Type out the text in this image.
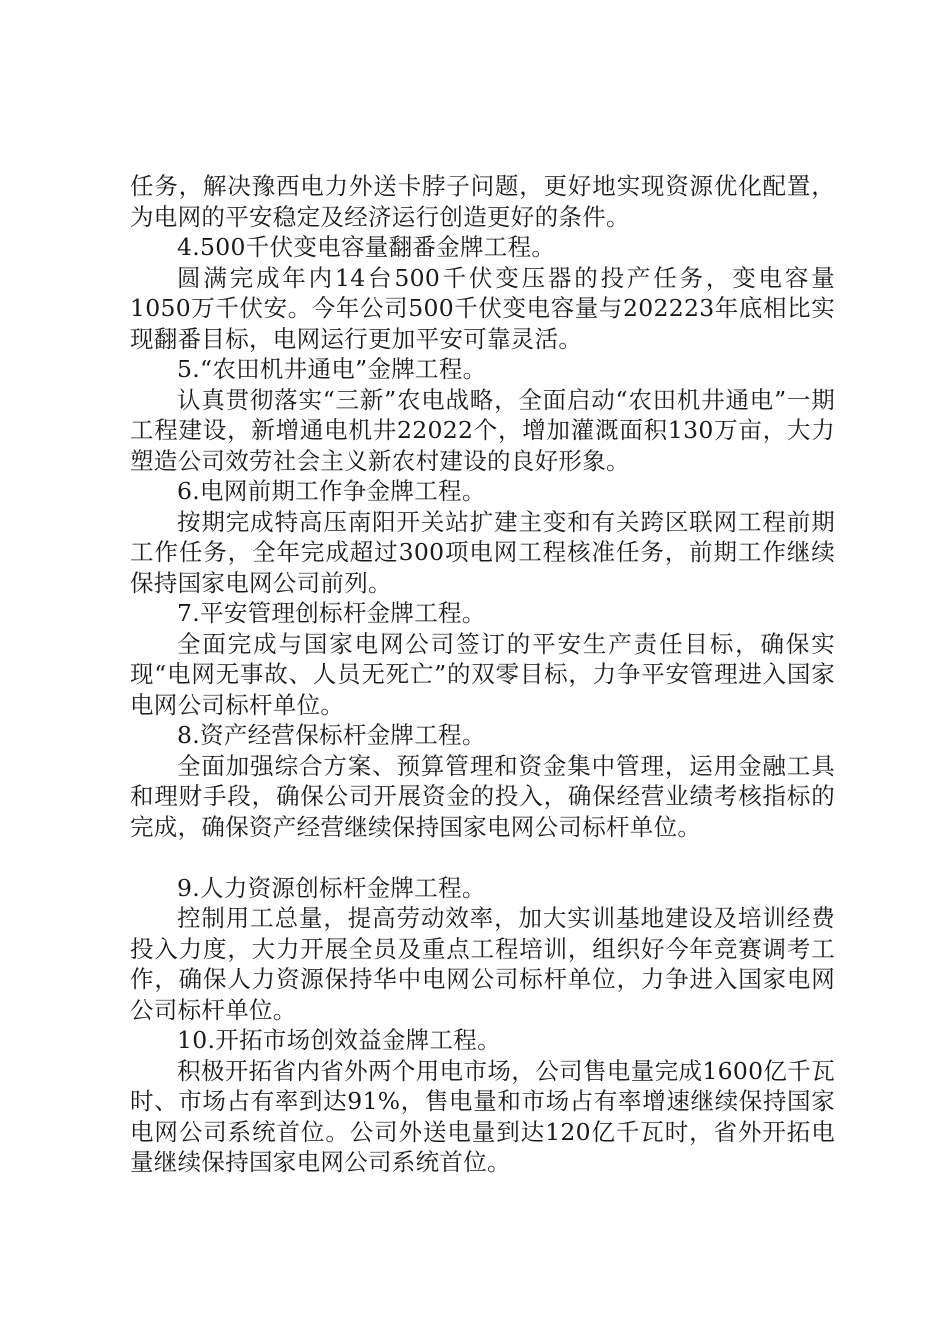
任务，解决豫西电力外送卡脖子问题，更好地实现资源优化配置，为电网的平安稳定及经济运行创造更好的条件。

4.500千伏变电容量翻番金牌工程。

圆满完成年内14台500千伏变压器的投产任务，变电容量1050万千伏安。今年公司500千伏变电容量与202223年底相比实现翻番目标，电网运行更加平安可靠灵活。

5.“农田机井通电”金牌工程。

认真贯彻落实“三新”农电战略，全面启动“农田机井通电”一期工程建设，新增通电机井22022个，增加灌溉面积130万亩，大力塑造公司效劳社会主义新农村建设的良好形象。

6.电网前期工作争金牌工程。

按期完成特高压南阳开关站扩建主变和有关跨区联网工程前期工作任务，全年完成超过300项电网工程核准任务，前期工作继续保持国家电网公司前列。

7.平安管理创标杆金牌工程。

全面完成与国家电网公司签订的平安生产责任目标，确保实现“电网无事故、人员无死亡”的双零目标，力争平安管理进入国家电网公司标杆单位。

8.资产经营保标杆金牌工程。

全面加强综合方案、预算管理和资金集中管理，运用金融工具和理财手段，确保公司开展资金的投入，确保经营业绩考核指标的完成，确保资产经营继续保持国家电网公司标杆单位。

9.人力资源创标杆金牌工程。

控制用工总量，提高劳动效率，加大实训基地建设及培训经费投入力度，大力开展全员及重点工程培训，组织好今年竞赛调考工作，确保人力资源保持华中电网公司标杆单位，力争进入国家电网公司标杆单位。

10.开拓市场创效益金牌工程。

积极开拓省内省外两个用电市场，公司售电量完成1600亿千瓦时、市场占有率到达91%，售电量和市场占有率增速继续保持国家电网公司系统首位。公司外送电量到达120亿千瓦时，省外开拓电量继续保持国家电网公司系统首位。
